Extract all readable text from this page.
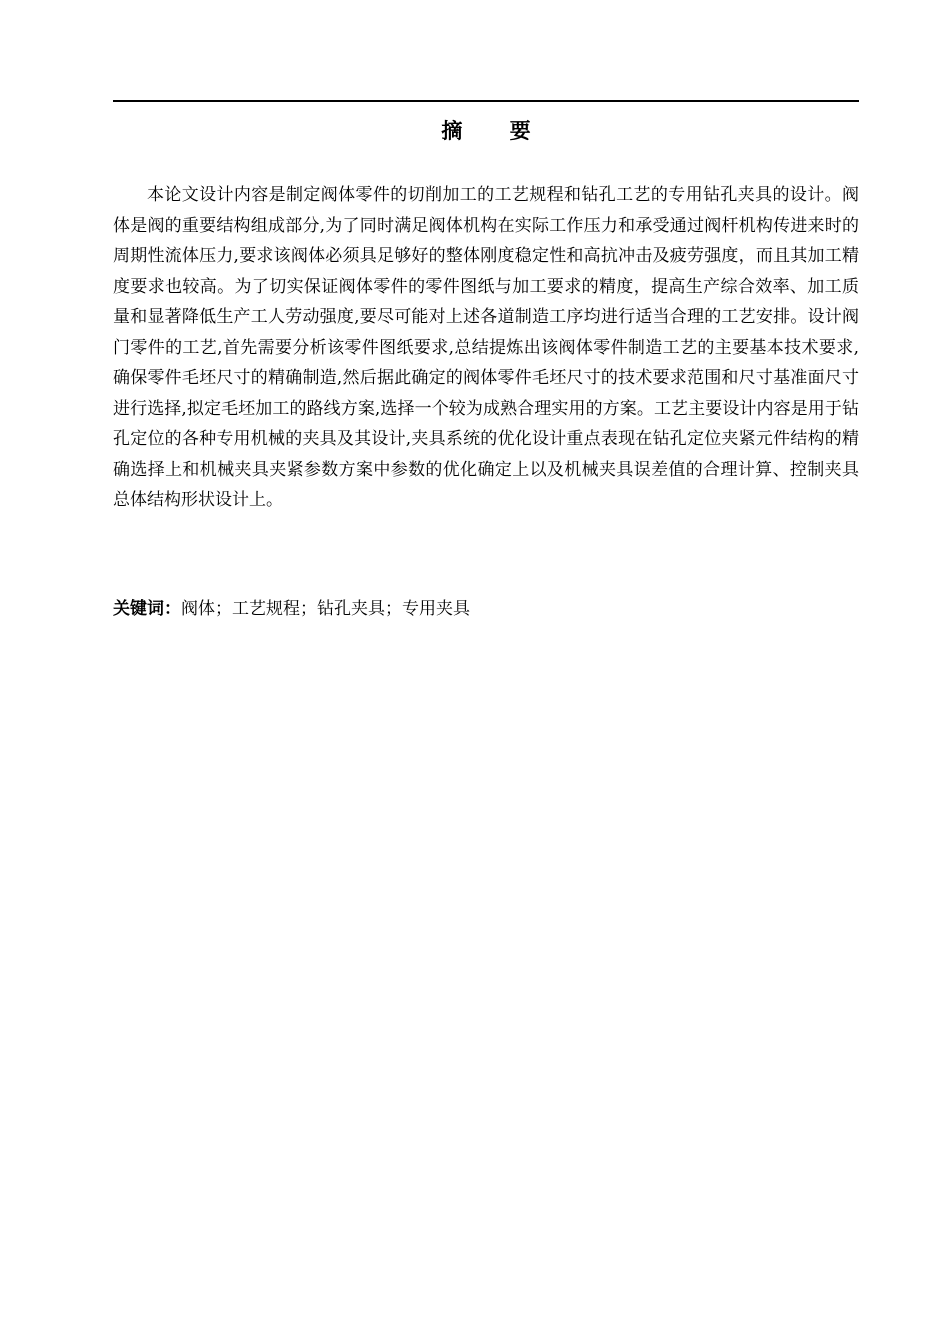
摘 要

本论文设计内容是制定阀体零件的切削加工的工艺规程和钻孔工艺的专用钻孔夹具的设计。阀体是阀的重要结构组成部分,为了同时满足阀体机构在实际工作压力和承受通过阀杆机构传进来时的周期性流体压力,要求该阀体必须具足够好的整体刚度稳定性和高抗冲击及疲劳强度，而且其加工精度要求也较高。为了切实保证阀体零件的零件图纸与加工要求的精度，提高生产综合效率、加工质量和显著降低生产工人劳动强度,要尽可能对上述各道制造工序均进行适当合理的工艺安排。设计阀门零件的工艺,首先需要分析该零件图纸要求,总结提炼出该阀体零件制造工艺的主要基本技术要求,确保零件毛坯尺寸的精确制造,然后据此确定的阀体零件毛坯尺寸的技术要求范围和尺寸基准面尺寸进行选择,拟定毛坯加工的路线方案,选择一个较为成熟合理实用的方案。工艺主要设计内容是用于钻孔定位的各种专用机械的夹具及其设计,夹具系统的优化设计重点表现在钻孔定位夹紧元件结构的精确选择上和机械夹具夹紧参数方案中参数的优化确定上以及机械夹具误差值的合理计算、控制夹具总体结构形状设计上。

关键词：阀体；工艺规程；钻孔夹具；专用夹具
